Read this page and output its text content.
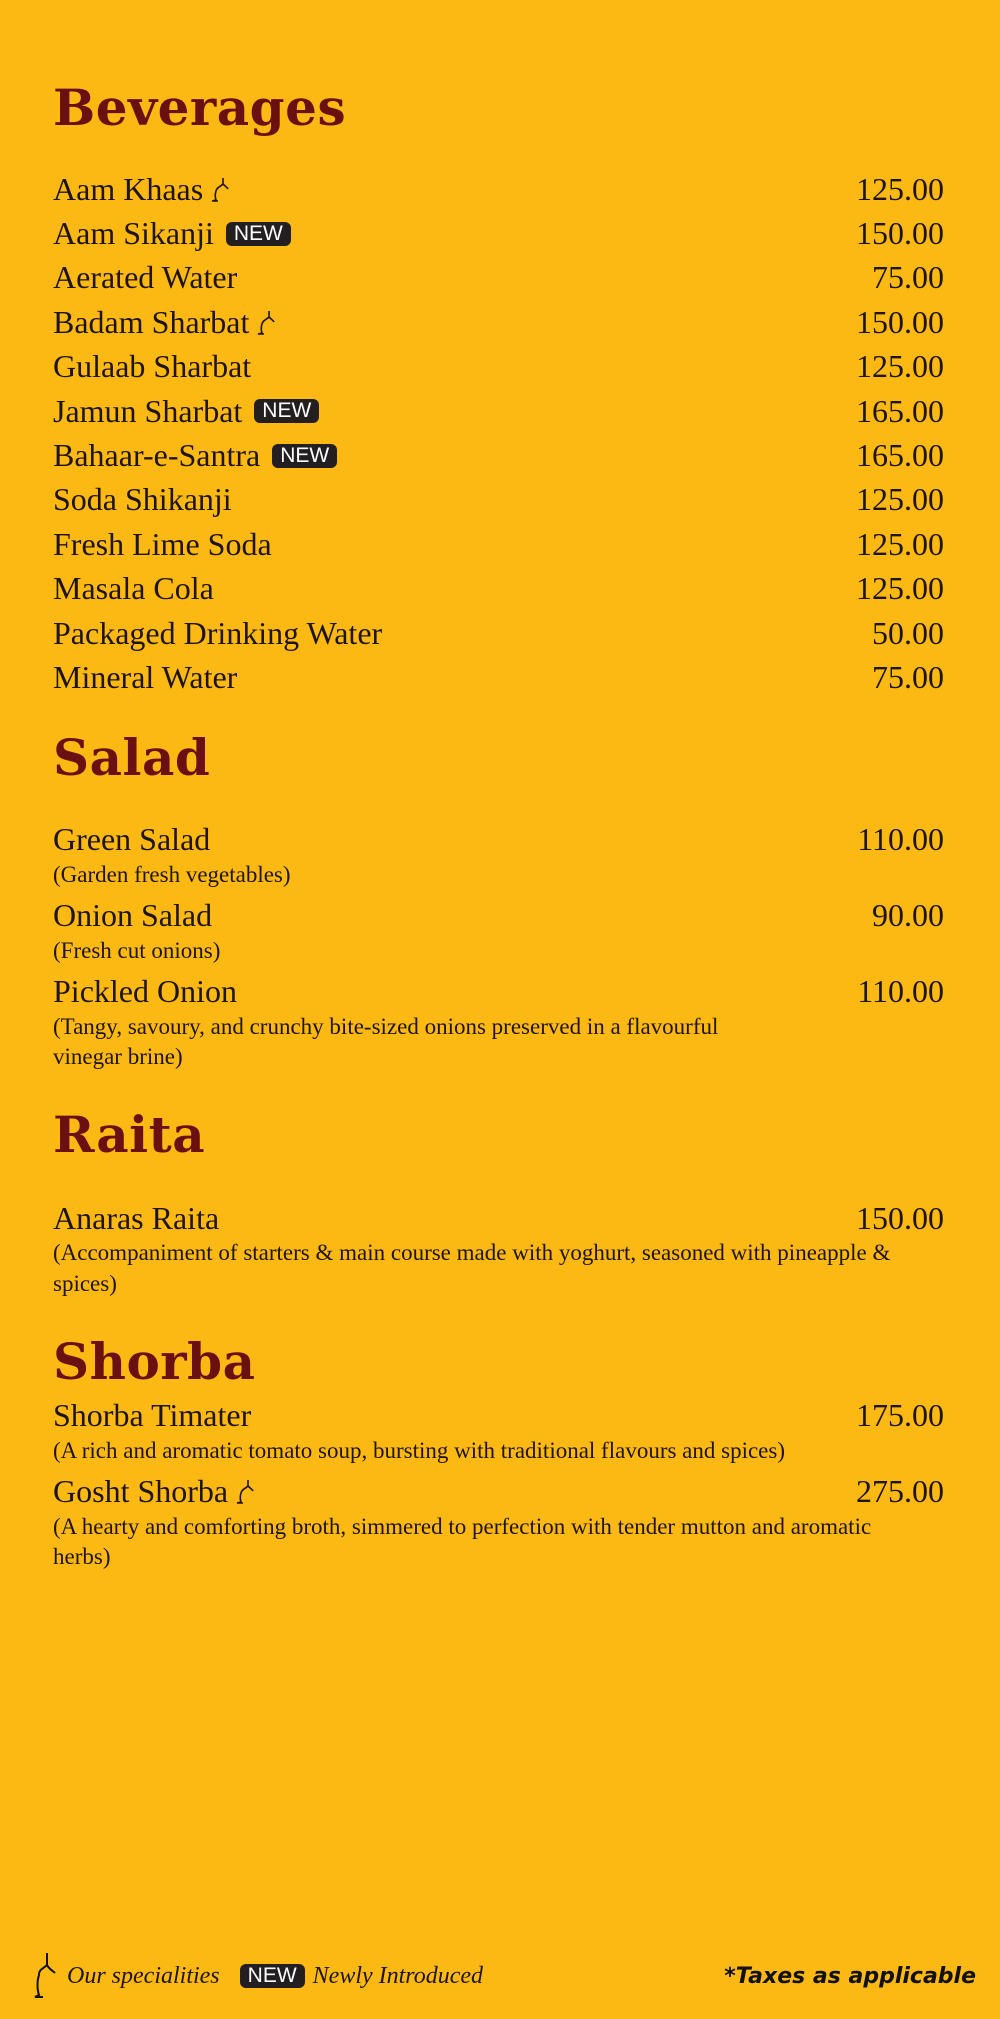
Beverages
Aam Khaas	125.00
Aam Sikanji NEW	150.00
Aerated Water	75.00
Badam Sharbat	150.00
Gulaab Sharbat	125.00
Jamun Sharbat NEW	165.00
Bahaar-e-Santra NEW	165.00
Soda Shikanji	125.00
Fresh Lime Soda	125.00
Masala Cola	125.00
Packaged Drinking Water	50.00
Mineral Water	75.00
Salad
Green Salad	110.00
(Garden fresh vegetables)
Onion Salad	90.00
(Fresh cut onions)
Pickled Onion	110.00
(Tangy, savoury, and crunchy bite-sized onions preserved in a flavourful vinegar brine)
Raita
Anaras Raita	150.00
(Accompaniment of starters & main course made with yoghurt, seasoned with pineapple & spices)
Shorba
Shorba Timater	175.00
(A rich and aromatic tomato soup, bursting with traditional flavours and spices)
Gosht Shorba	275.00
(A hearty and comforting broth, simmered to perfection with tender mutton and aromatic herbs)
Our specialities	NEW Newly Introduced	*Taxes as applicable
